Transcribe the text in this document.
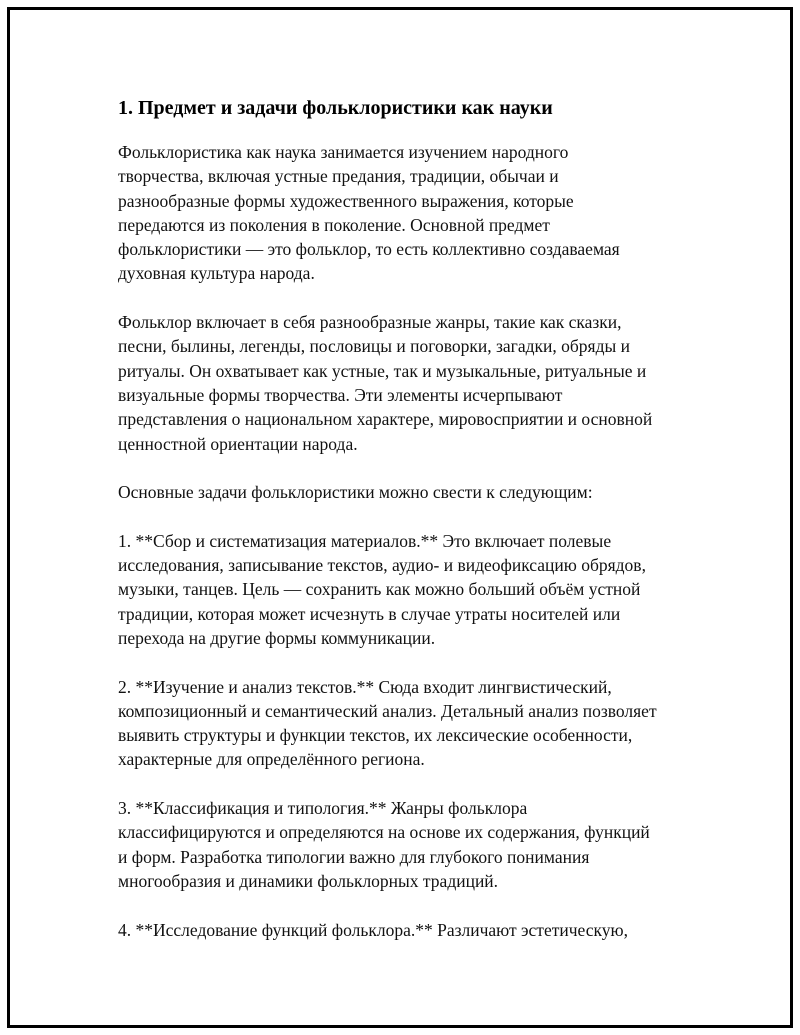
1. Предмет и задачи фольклористики как науки

Фольклористика как наука занимается изучением народного
творчества, включая устные предания, традиции, обычаи и
разнообразные формы художественного выражения, которые
передаются из поколения в поколение. Основной предмет
фольклористики — это фольклор, то есть коллективно создаваемая
духовная культура народа.

Фольклор включает в себя разнообразные жанры, такие как сказки,
песни, былины, легенды, пословицы и поговорки, загадки, обряды и
ритуалы. Он охватывает как устные, так и музыкальные, ритуальные и
визуальные формы творчества. Эти элементы исчерпывают
представления о национальном характере, мировосприятии и основной
ценностной ориентации народа.

Основные задачи фольклористики можно свести к следующим:

1. **Сбор и систематизация материалов.** Это включает полевые
исследования, записывание текстов, аудио- и видеофиксацию обрядов,
музыки, танцев. Цель — сохранить как можно больший объём устной
традиции, которая может исчезнуть в случае утраты носителей или
перехода на другие формы коммуникации.

2. **Изучение и анализ текстов.** Сюда входит лингвистический,
композиционный и семантический анализ. Детальный анализ позволяет
выявить структуры и функции текстов, их лексические особенности,
характерные для определённого региона.

3. **Классификация и типология.** Жанры фольклора
классифицируются и определяются на основе их содержания, функций
и форм. Разработка типологии важно для глубокого понимания
многообразия и динамики фольклорных традиций.

4. **Исследование функций фольклора.** Различают эстетическую,
